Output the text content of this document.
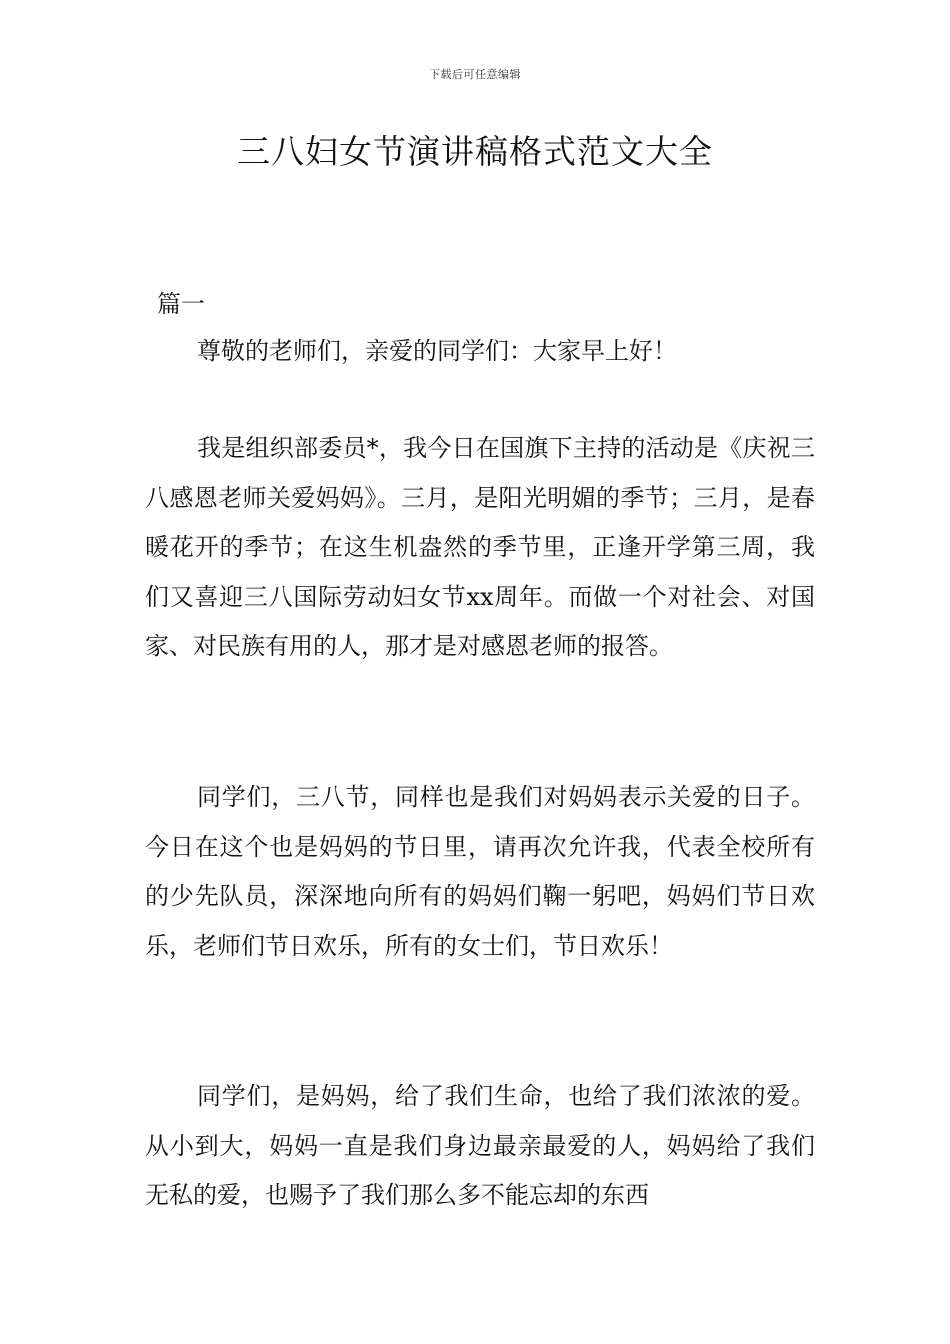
下载后可任意编辑
三八妇女节演讲稿格式范文大全
篇一

尊敬的老师们，亲爱的同学们：大家早上好！

我是组织部委员*，我今日在国旗下主持的活动是《庆祝三八感恩老师关爱妈妈》。三月，是阳光明媚的季节；三月，是春暖花开的季节；在这生机盎然的季节里，正逢开学第三周，我们又喜迎三八国际劳动妇女节xx周年。而做一个对社会、对国家、对民族有用的人，那才是对感恩老师的报答。

同学们，三八节，同样也是我们对妈妈表示关爱的日子。今日在这个也是妈妈的节日里，请再次允许我，代表全校所有的少先队员，深深地向所有的妈妈们鞠一躬吧，妈妈们节日欢乐，老师们节日欢乐，所有的女士们，节日欢乐！

同学们，是妈妈，给了我们生命，也给了我们浓浓的爱。从小到大，妈妈一直是我们身边最亲最爱的人，妈妈给了我们无私的爱，也赐予了我们那么多不能忘却的东西
